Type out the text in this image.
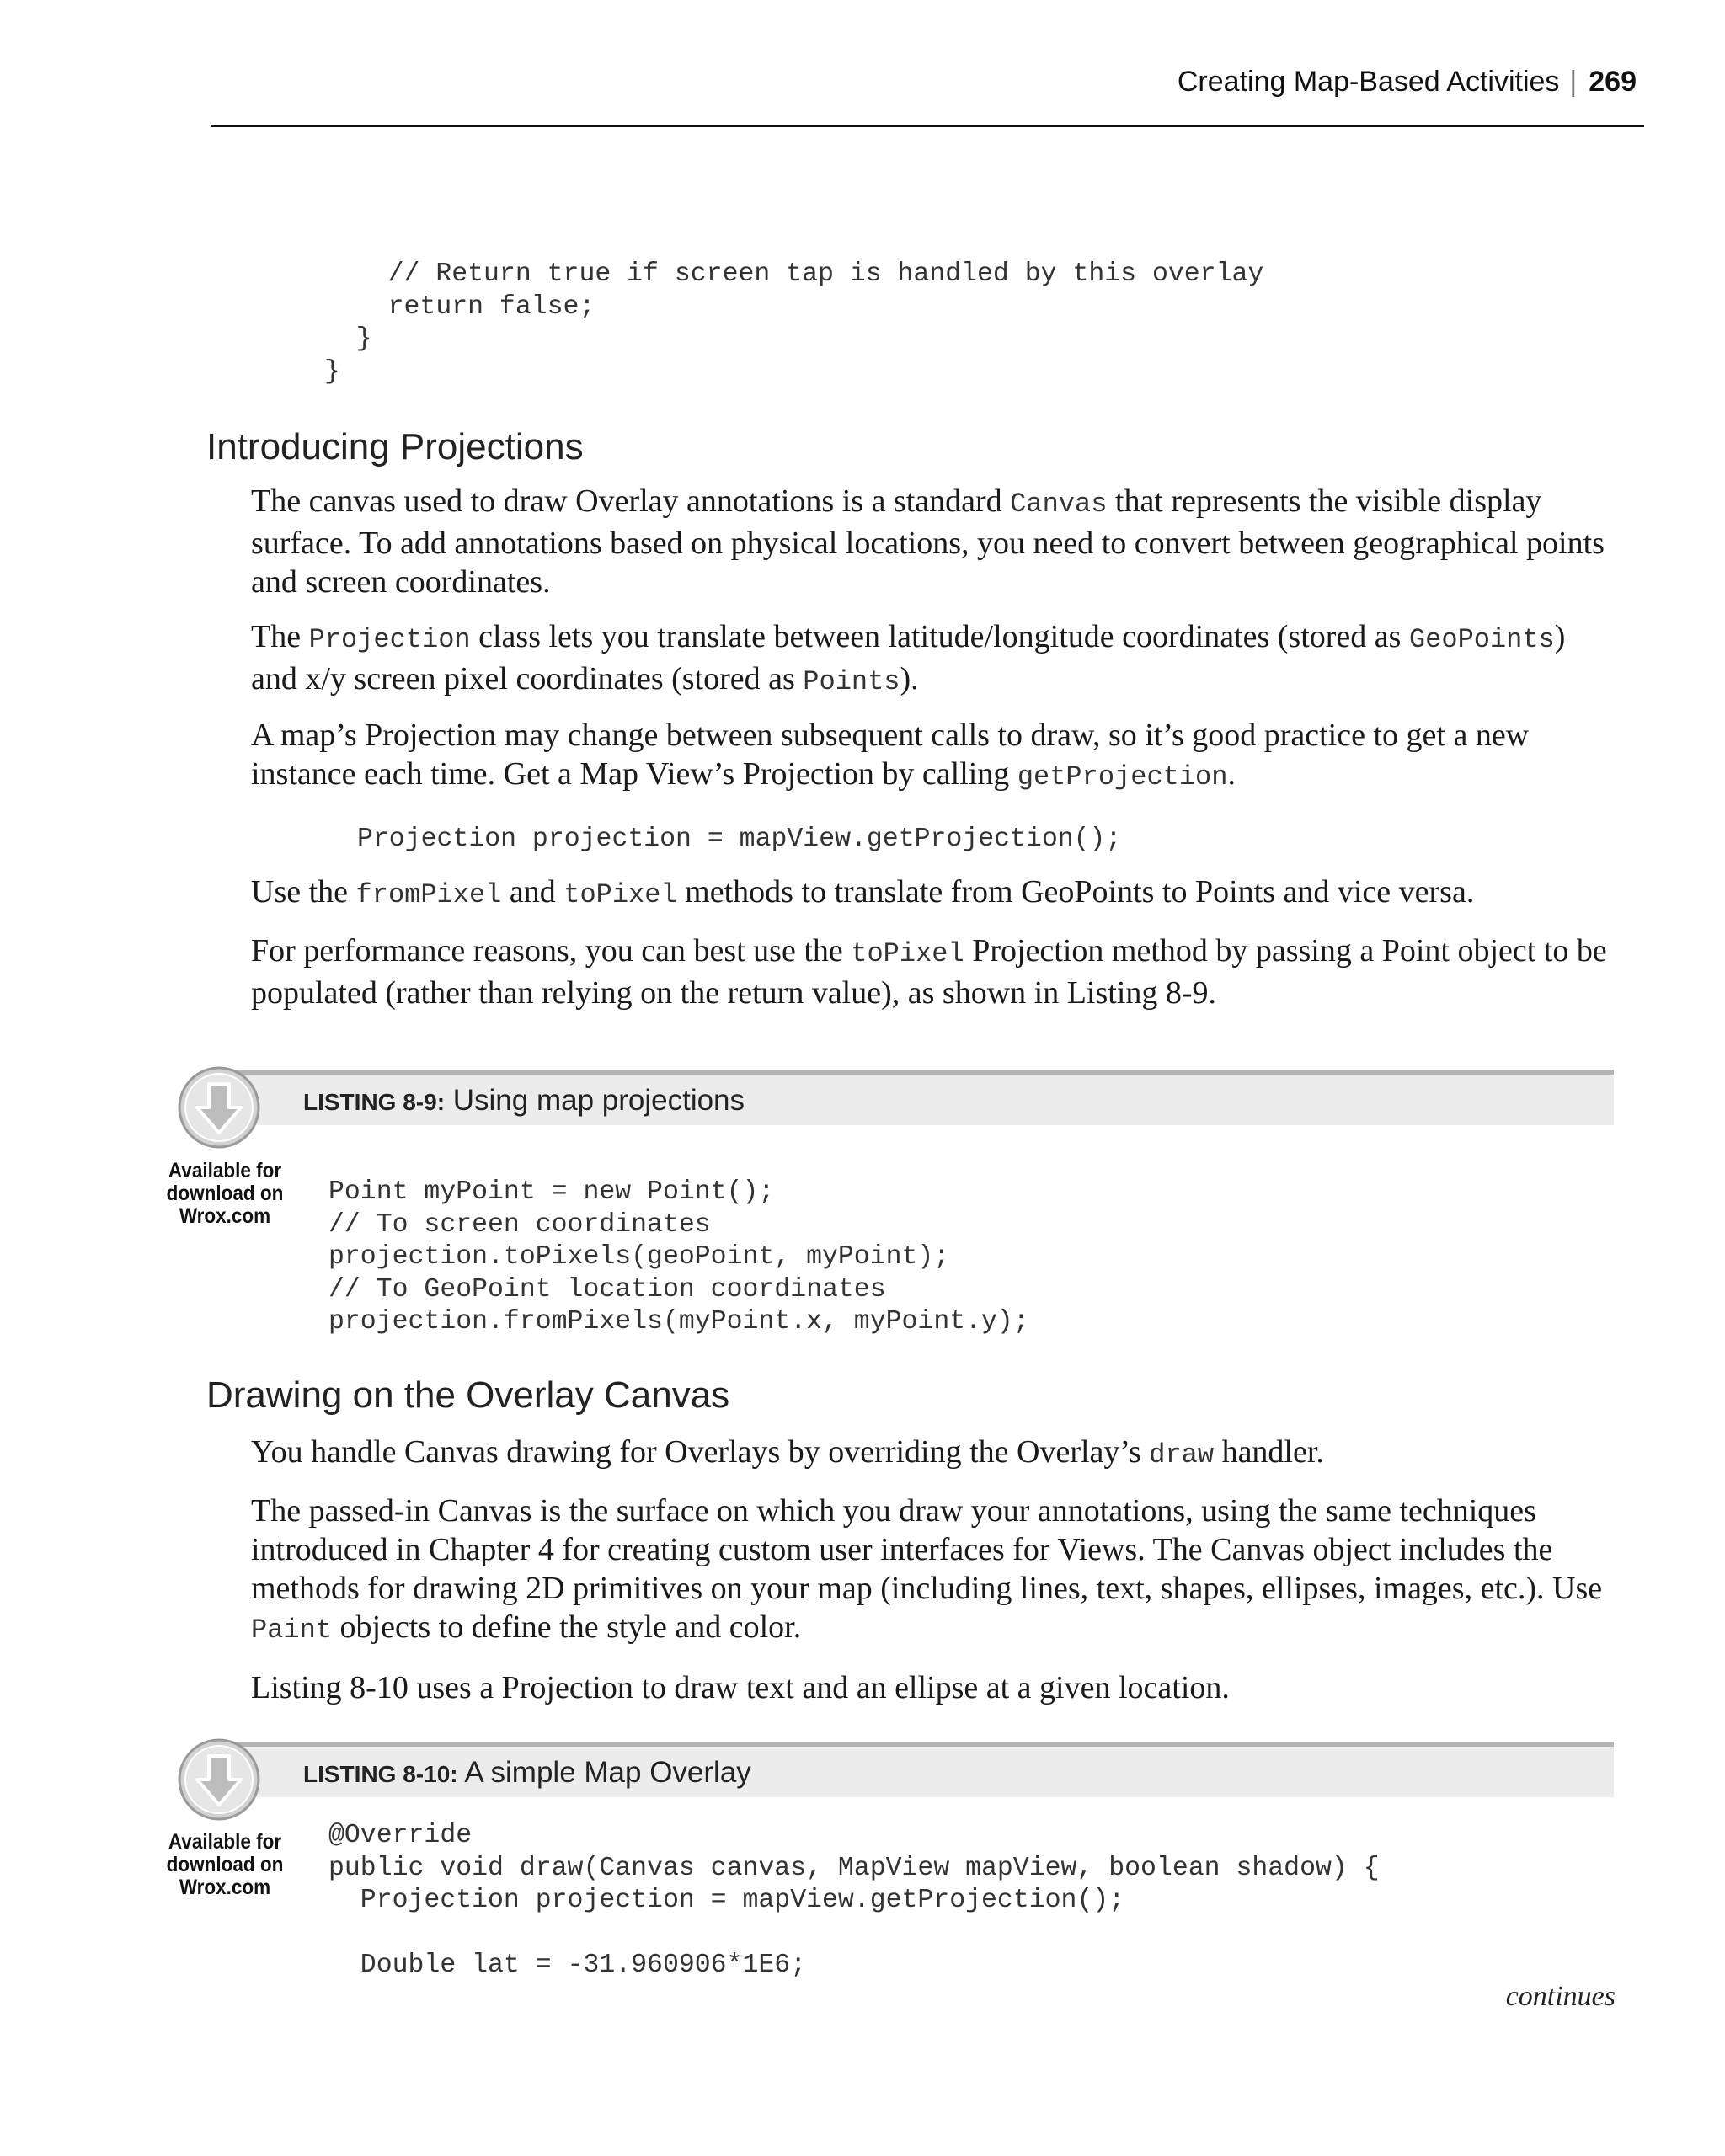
Creating Map-Based Activities | 269
// Return true if screen tap is handled by this overlay
return false;
}
}
Introducing Projections
The canvas used to draw Overlay annotations is a standard Canvas that represents the visible display surface. To add annotations based on physical locations, you need to convert between geographical points and screen coordinates.
The Projection class lets you translate between latitude/longitude coordinates (stored as GeoPoints) and x/y screen pixel coordinates (stored as Points).
A map’s Projection may change between subsequent calls to draw, so it’s good practice to get a new instance each time. Get a Map View’s Projection by calling getProjection.
Projection projection = mapView.getProjection();
Use the fromPixel and toPixel methods to translate from GeoPoints to Points and vice versa.
For performance reasons, you can best use the toPixel Projection method by passing a Point object to be populated (rather than relying on the return value), as shown in Listing 8-9.
LISTING 8-9: Using map projections
Available for
download on
Wrox.com
Point myPoint = new Point();
// To screen coordinates
projection.toPixels(geoPoint, myPoint);
// To GeoPoint location coordinates
projection.fromPixels(myPoint.x, myPoint.y);
Drawing on the Overlay Canvas
You handle Canvas drawing for Overlays by overriding the Overlay’s draw handler.
The passed-in Canvas is the surface on which you draw your annotations, using the same techniques introduced in Chapter 4 for creating custom user interfaces for Views. The Canvas object includes the methods for drawing 2D primitives on your map (including lines, text, shapes, ellipses, images, etc.). Use Paint objects to define the style and color.
Listing 8-10 uses a Projection to draw text and an ellipse at a given location.
LISTING 8-10: A simple Map Overlay
Available for
download on
Wrox.com
@Override
public void draw(Canvas canvas, MapView mapView, boolean shadow) {
Projection projection = mapView.getProjection();

Double lat = -31.960906*1E6;
continues
